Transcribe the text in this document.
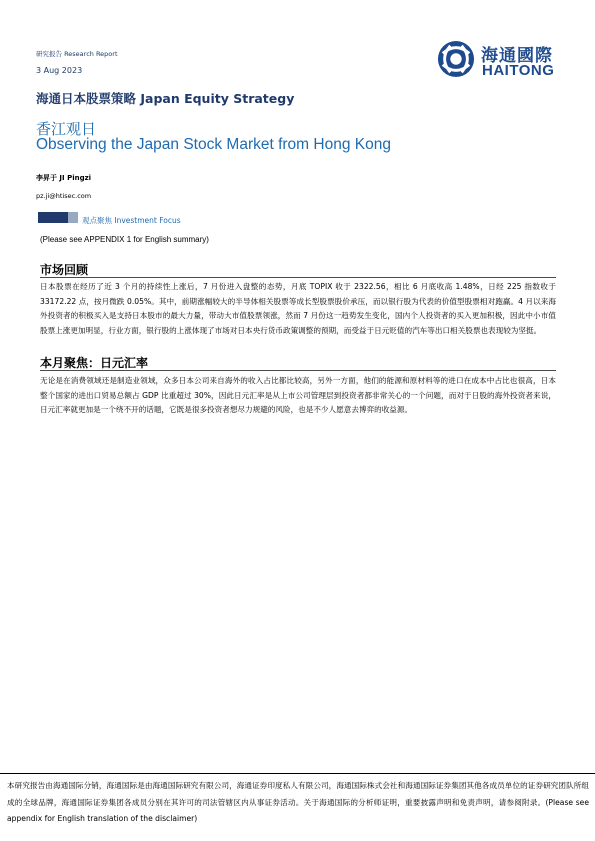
研究报告 Research Report
3 Aug 2023
海通日本股票策略 Japan Equity Strategy
香江观日
Observing the Japan Stock Market from Hong Kong
李昇于 JI Pingzi
pz.ji@htisec.com
海通國際
HAITONG
观点聚焦 Investment Focus
(Please see APPENDIX 1 for English summary)
市场回顾
日本股票在经历了近 3 个月的持续性上涨后，7 月份进入盘整的态势，月底 TOPIX 收于 2322.56，相比 6 月底收高 1.48%，日经 225 指数收于 33172.22 点，按月微跌 0.05%。其中，前期涨幅较大的半导体相关股票等成长型股票股价承压，而以银行股为代表的价值型股票相对跑赢。4 月以来海外投资者的积极买入是支持日本股市的最大力量，带动大市值股票领涨，然而 7 月份这一趋势发生变化，国内个人投资者的买入更加积极，因此中小市值股票上涨更加明显，行业方面，银行股的上涨体现了市场对日本央行货币政策调整的预期，而受益于日元贬值的汽车等出口相关股票也表现较为坚挺。
本月聚焦：日元汇率
无论是在消费领域还是制造业领域，众多日本公司来自海外的收入占比都比较高，另外一方面，他们的能源和原材料等的进口在成本中占比也很高，日本整个国家的进出口贸易总额占 GDP 比重超过 30%，因此日元汇率是从上市公司管理层到投资者都非常关心的一个问题，而对于日股的海外投资者来说，日元汇率就更加是一个绕不开的话题，它既是很多投资者想尽力规避的风险，也是不少人愿意去博弈的收益源。
本研究报告由海通国际分销，海通国际是由海通国际研究有限公司，海通证券印度私人有限公司，海通国际株式会社和海通国际证券集团其他各成员单位的证券研究团队所组成的全球品牌，海通国际证券集团各成员分别在其许可的司法管辖区内从事证券活动。关于海通国际的分析师证明，重要披露声明和免责声明，请参阅附录。(Please see appendix for English translation of the disclaimer)
